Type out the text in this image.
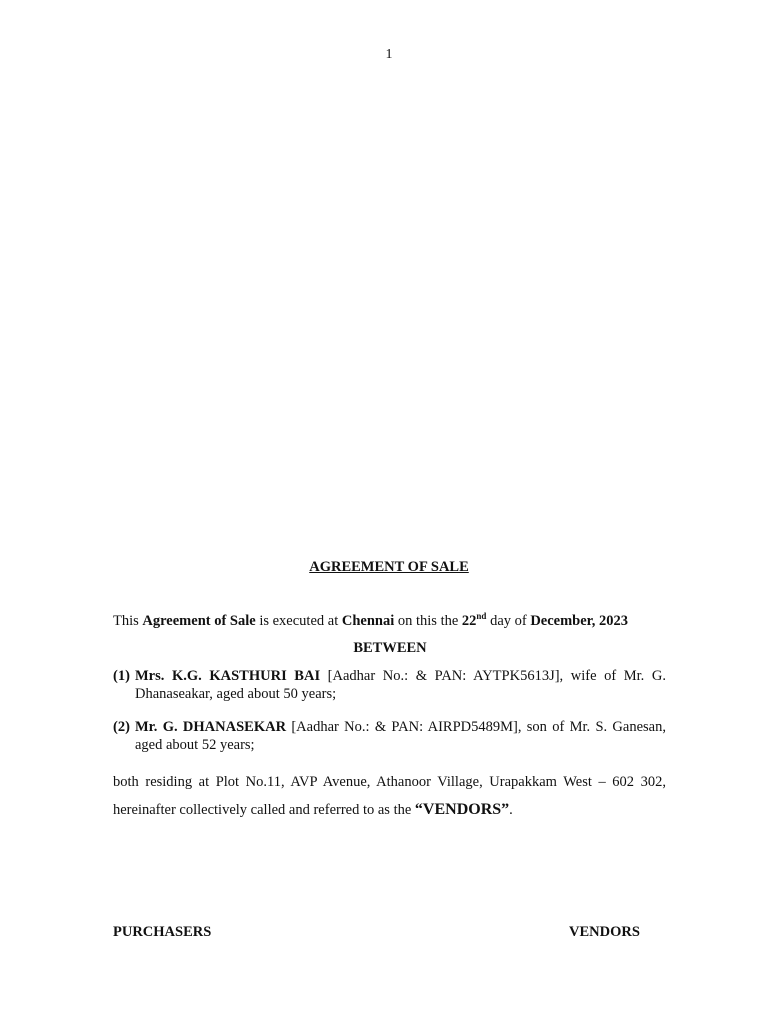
1
AGREEMENT OF SALE
This Agreement of Sale is executed at Chennai on this the 22nd day of December, 2023
BETWEEN
(1) Mrs. K.G. KASTHURI BAI [Aadhar No.: & PAN: AYTPK5613J], wife of Mr. G. Dhanaseakar, aged about 50 years;
(2) Mr. G. DHANASEKAR [Aadhar No.: & PAN: AIRPD5489M], son of Mr. S. Ganesan, aged about 52 years;
both residing at Plot No.11, AVP Avenue, Athanoor Village, Urapakkam West – 602 302, hereinafter collectively called and referred to as the “VENDORS”.
PURCHASERS	VENDORS
